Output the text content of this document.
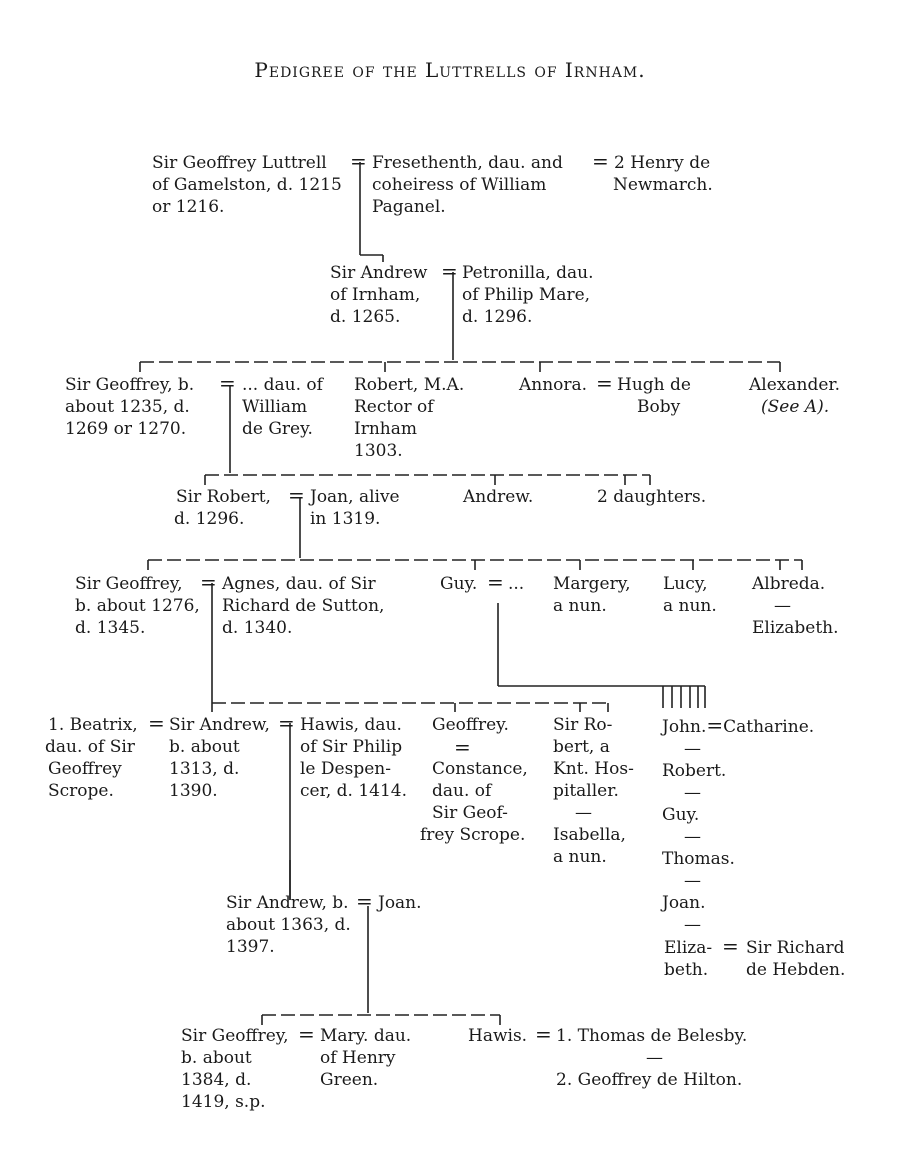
Pedigree of the Luttrells of Irnham.
Sir Geoffrey Luttrell
of Gamelston, d. 1215
or 1216.
= Fresethenth, dau. and
coheiress of William
Paganel.
= 2 Henry de
Newmarch.
Sir Andrew
of Irnham,
d. 1265.
= Petronilla, dau.
of Philip Mare,
d. 1296.
Sir Geoffrey, b.
about 1235, d.
1269 or 1270.
= ... dau. of
William
de Grey.
Robert, M.A.
Rector of
Irnham
1303.
Annora. = Hugh de
Boby
Alexander.
(See A).
Sir Robert,
d. 1296.
= Joan, alive
in 1319.
Andrew.	2 daughters.
Sir Geoffrey,
b. about 1276,
d. 1345.
= Agnes, dau. of Sir
Richard de Sutton,
d. 1340.
Guy. = ... Margery,
a nun.
Lucy,
a nun.
Albreda.
—
Elizabeth.
1. Beatrix,
dau. of Sir
Geoffrey
Scrope.
= Sir Andrew,
b. about
1313, d.
1390.
= Hawis, dau.
of Sir Philip
le Despen-
cer, d. 1414.
Geoffrey.
=
Constance,
dau. of
Sir Geof-
frey Scrope.
Sir Ro-
bert, a
Knt. Hos-
pitaller.
—
Isabella,
a nun.
John.=Catharine.
—
Robert.
—
Guy.
—
Thomas.
—
Joan.
—
Eliza-
beth.
= Sir Richard
de Hebden.
Sir Andrew, b.
about 1363, d.
1397.
= Joan.
Sir Geoffrey,
b. about
1384, d.
1419, s.p.
= Mary. dau.
of Henry
Green.
Hawis. = 1. Thomas de Belesby.
—
2. Geoffrey de Hilton.
